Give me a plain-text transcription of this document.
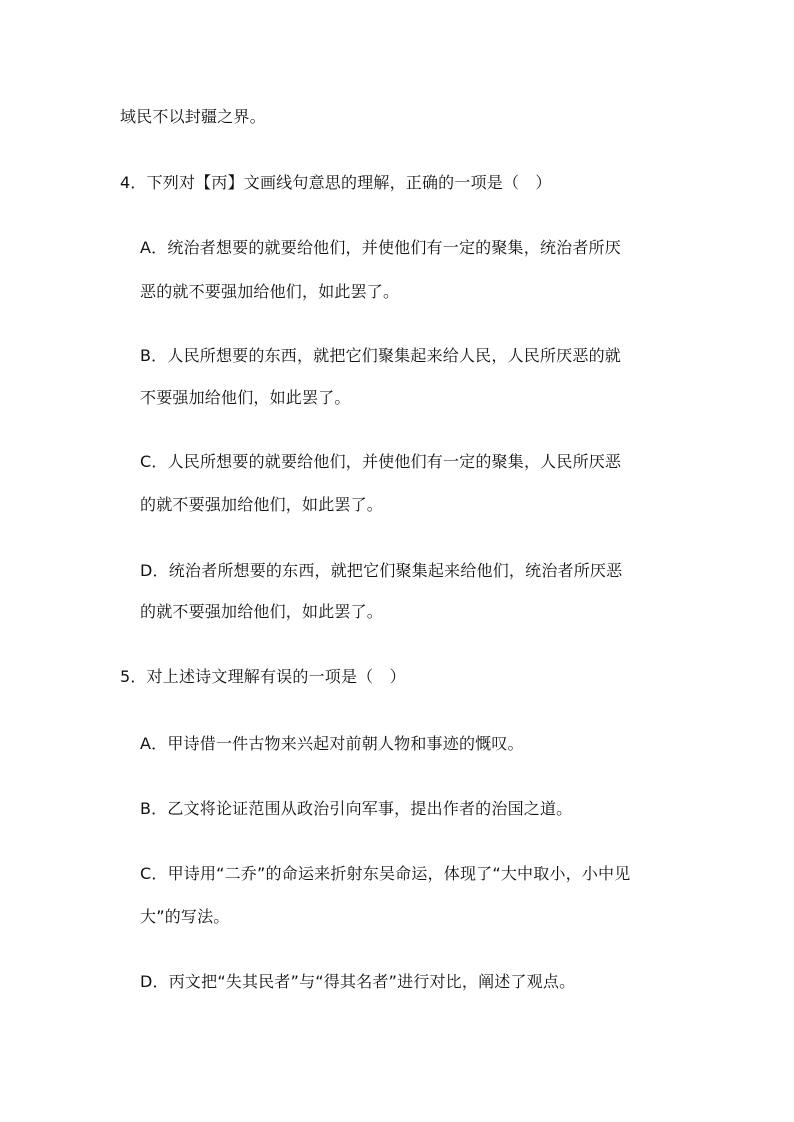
域民不以封疆之界。
4．下列对【丙】文画线句意思的理解，正确的一项是（　）
A．统治者想要的就要给他们，并使他们有一定的聚集，统治者所厌
恶的就不要强加给他们，如此罢了。
B．人民所想要的东西，就把它们聚集起来给人民，人民所厌恶的就
不要强加给他们，如此罢了。
C．人民所想要的就要给他们，并使他们有一定的聚集，人民所厌恶
的就不要强加给他们，如此罢了。
D．统治者所想要的东西，就把它们聚集起来给他们，统治者所厌恶
的就不要强加给他们，如此罢了。
5．对上述诗文理解有误的一项是（　）
A．甲诗借一件古物来兴起对前朝人物和事迹的慨叹。
B．乙文将论证范围从政治引向军事，提出作者的治国之道。
C．甲诗用“二乔”的命运来折射东吴命运，体现了“大中取小，小中见
大”的写法。
D．丙文把“失其民者”与“得其名者”进行对比，阐述了观点。
